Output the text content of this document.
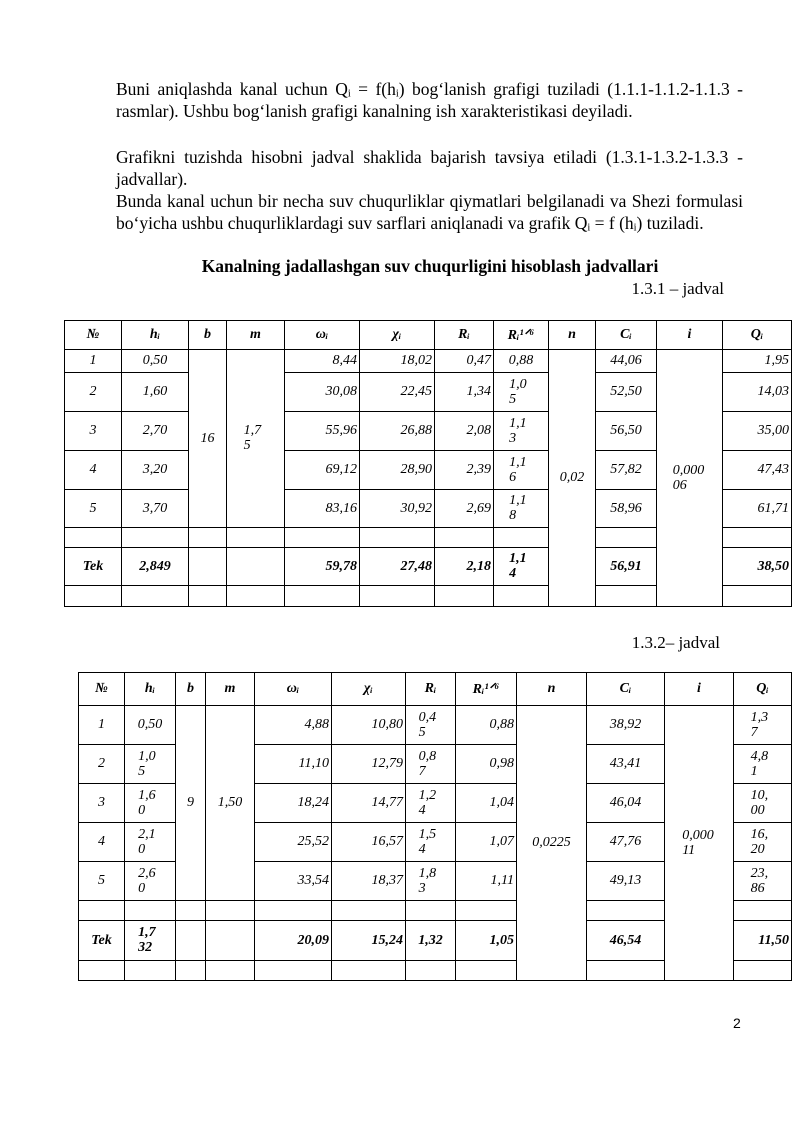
Buni aniqlashda kanal uchun Qᵢ = f(hᵢ) bog‘lanish grafigi tuziladi (1.1.1-1.1.2-1.1.3 - rasmlar). Ushbu bog‘lanish grafigi kanalning ish xarakteristikasi deyiladi.

Grafikni tuzishda hisobni jadval shaklida bajarish tavsiya etiladi (1.3.1-1.3.2-1.3.3 - jadvallar).

Bunda kanal uchun bir necha suv chuqurliklar qiymatlari belgilanadi va Shezi formulasi bo‘yicha ushbu chuqurliklardagi suv sarflari aniqlanadi va grafik Qᵢ = f (hᵢ) tuziladi.

Kanalning jadallashgan suv chuqurligini hisoblash jadvallari

1.3.1 – jadval

№	hᵢ	b	m	ωᵢ	χᵢ	Rᵢ	Rᵢ¹ᐟ⁶	n	Cᵢ	i	Qᵢ
1	0,50	16	1,75	8,44	18,02	0,47	0,88	0,02	44,06	0,00006	1,95
2	1,60			30,08	22,45	1,34	1,05		52,50		14,03
3	2,70			55,96	26,88	2,08	1,13		56,50		35,00
4	3,20			69,12	28,90	2,39	1,16		57,82		47,43
5	3,70			83,16	30,92	2,69	1,18		58,96		61,71

Tek	2,849			59,78	27,48	2,18	1,14		56,91		38,50

1.3.2– jadval

№	hᵢ	b	m	ωᵢ	χᵢ	Rᵢ	Rᵢ¹ᐟ⁶	n	Cᵢ	i	Qᵢ
1	0,50	9	1,50	4,88	10,80	0,45	0,88	0,0225	38,92	0,00011	1,37
2	1,05			11,10	12,79	0,87	0,98		43,41		4,81
3	1,60			18,24	14,77	1,24	1,04		46,04		10,00
4	2,10			25,52	16,57	1,54	1,07		47,76		16,20
5	2,60			33,54	18,37	1,83	1,11		49,13		23,86

Tek	1,732			20,09	15,24	1,32	1,05		46,54		11,50

2
